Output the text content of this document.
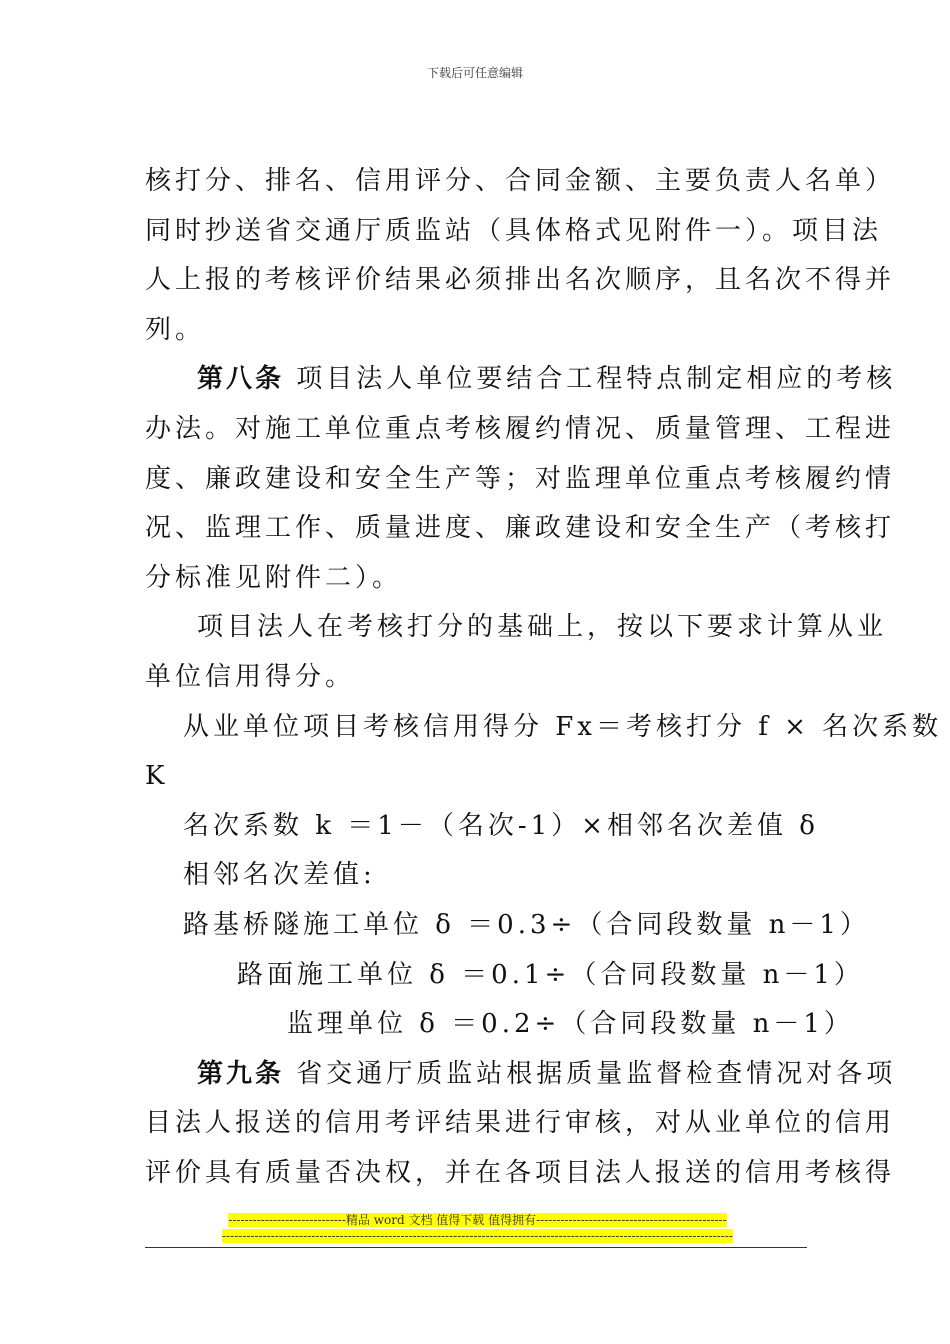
下载后可任意编辑
核打分、排名、信用评分、合同金额、主要负责人名单）
同时抄送省交通厅质监站（具体格式见附件一）。项目法
人上报的考核评价结果必须排出名次顺序，且名次不得并
列。
第八条 项目法人单位要结合工程特点制定相应的考核
办法。对施工单位重点考核履约情况、质量管理、工程进
度、廉政建设和安全生产等；对监理单位重点考核履约情
况、监理工作、质量进度、廉政建设和安全生产（考核打
分标准见附件二）。
项目法人在考核打分的基础上，按以下要求计算从业
单位信用得分。
从业单位项目考核信用得分 Fx＝考核打分 f × 名次系数
K
名次系数 k ＝1－（名次-1）×相邻名次差值 δ
相邻名次差值:
路基桥隧施工单位 δ ＝0.3÷（合同段数量 n－1）
路面施工单位 δ ＝0.1÷（合同段数量 n－1）
监理单位 δ ＝0.2÷（合同段数量 n－1）
第九条 省交通厅质监站根据质量监督检查情况对各项
目法人报送的信用考评结果进行审核，对从业单位的信用
评价具有质量否决权，并在各项目法人报送的信用考核得
-----------------------------精品 word 文档 值得下载 值得拥有-----------------------------------------------
------------------------------------------------------------------------------------------------------------------------------
